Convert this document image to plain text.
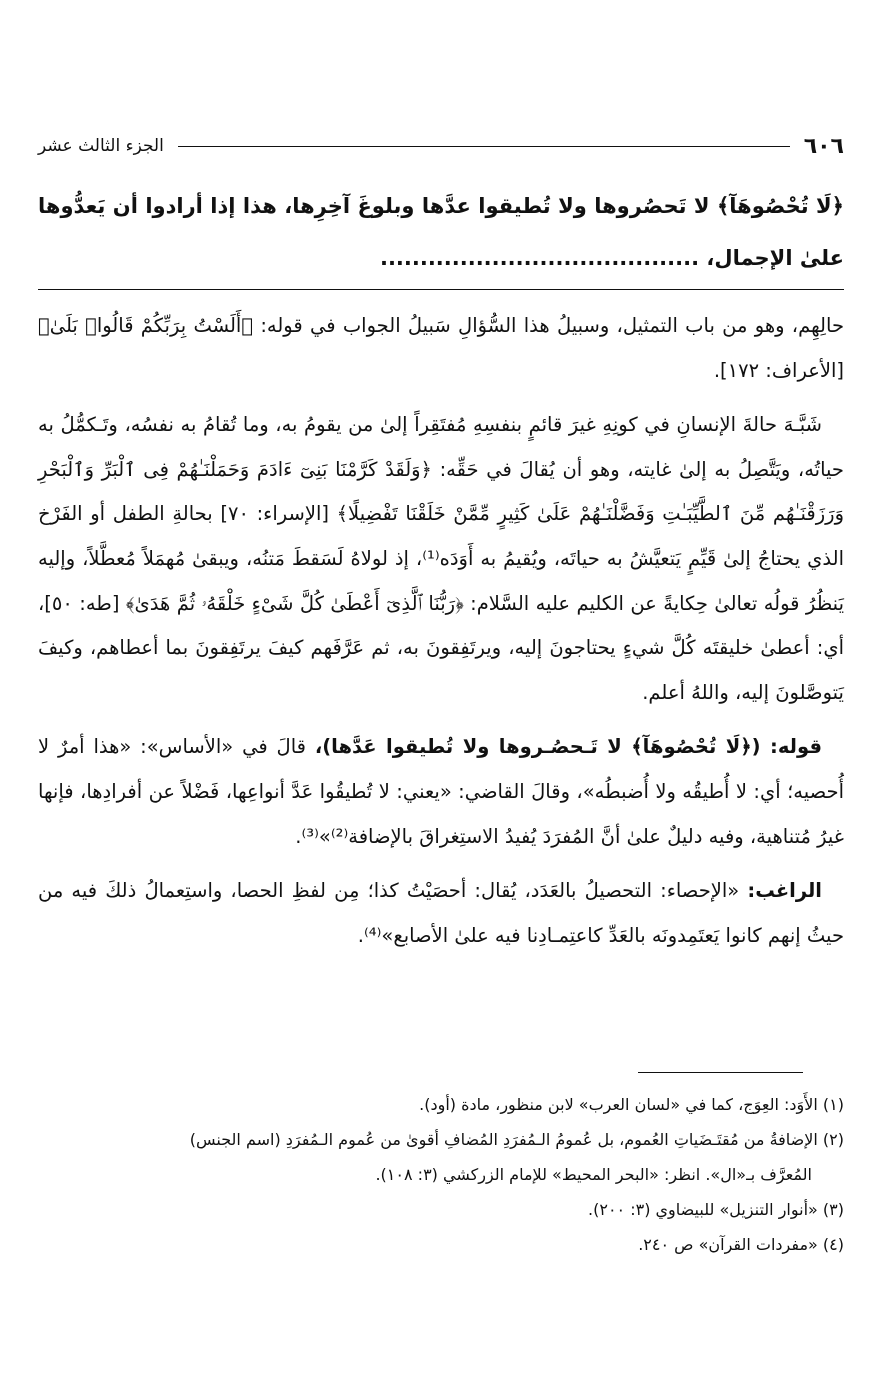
٦٠٦
الجزء الثالث عشر

﴿لَا تُحْصُوهَآ﴾ لا تَحصُروها ولا تُطيقوا عدَّها وبلوغَ آخِرِها، هذا إذا أرادوا أن يَعدُّوها علىٰ الإجمال، ........................................

حالِهِم، وهو من باب التمثيل، وسبيلُ هذا السُّؤالِ سَبيلُ الجواب في قوله: ﴿أَلَسْتُ بِرَبِّكُمْ قَالُوا۟ بَلَىٰ﴾ [الأعراف: ١٧٢].

شَبَّـهَ حالةَ الإنسانِ في كونِهِ غيرَ قائمٍ بنفسِهِ مُفتَقِراً إلىٰ من يقومُ به، وما تُقامُ به نفسُه، وتَـكمُّلُ به حياتُه، ويَتَّصِلُ به إلىٰ غايته، وهو أن يُقالَ في حَقِّه: ﴿وَلَقَدْ كَرَّمْنَا بَنِىٓ ءَادَمَ وَحَمَلْنَـٰهُمْ فِى ٱلْبَرِّ وَٱلْبَحْرِ وَرَزَقْنَـٰهُم مِّنَ ٱلطَّيِّبَـٰتِ وَفَضَّلْنَـٰهُمْ عَلَىٰ كَثِيرٍ مِّمَّنْ خَلَقْنَا تَفْضِيلًا﴾ [الإسراء: ٧٠] بحالةِ الطفل أو الفَرْخ الذي يحتاجُ إلىٰ قَيِّمٍ يَتعيَّشُ به حياتَه، ويُقيمُ به أَوَدَه⁽¹⁾، إذ لولاهُ لَسَقطَ مَتنُه، ويبقىٰ مُهمَلاً مُعطَّلاً، وإليه يَنظُرُ قولُه تعالىٰ حِكايةً عن الكليم عليه السَّلام: ﴿رَبُّنَا ٱلَّذِىٓ أَعْطَىٰ كُلَّ شَىْءٍ خَلْقَهُۥ ثُمَّ هَدَىٰ﴾ [طه: ٥٠]، أي: أعطىٰ خليقتَه كُلَّ شيءٍ يحتاجونَ إليه، ويرتَفِقونَ به، ثم عَرَّفَهم كيفَ يرتَفِقونَ بما أعطاهم، وكيفَ يَتوصَّلونَ إليه، واللهُ أعلم.

قوله: (﴿لَا تُحْصُوهَآ﴾ لا تَـحصُـروها ولا تُطيقوا عَدَّها)، قالَ في «الأساس»: «هذا أمرٌ لا أُحصيه؛ أي: لا أُطيقُه ولا أُضبطُه»، وقالَ القاضي: «يعني: لا تُطيقُوا عَدَّ أنواعِها، فَضْلاً عن أفرادِها، فإنها غيرُ مُتناهية، وفيه دليلٌ علىٰ أنَّ المُفرَدَ يُفيدُ الاستِغراقَ بالإضافة⁽²⁾»⁽³⁾.

الراغب: «الإحصاء: التحصيلُ بالعَدَد، يُقال: أحصَيْتُ كذا؛ مِن لفظِ الحصا، واستِعمالُ ذلكَ فيه من حيثُ إنهم كانوا يَعتَمِدونَه بالعَدِّ كاعتِمـادِنا فيه علىٰ الأصابع»⁽⁴⁾.

(١) الأَوَد: العِوَج، كما في «لسان العرب» لابن منظور، مادة (أود).

(٢) الإضافةُ من مُقتَـضَياتِ العُموم، بل عُمومُ الـمُفرَدِ المُضافِ أقوىٰ من عُموم الـمُفرَدِ (اسم الجنس)

المُعرَّف بـ«ال». انظر: «البحر المحيط» للإمام الزركشي (٣: ١٠٨).

(٣) «أنوار التنزيل» للبيضاوي (٣: ٢٠٠).

(٤) «مفردات القرآن» ص ٢٤٠.
